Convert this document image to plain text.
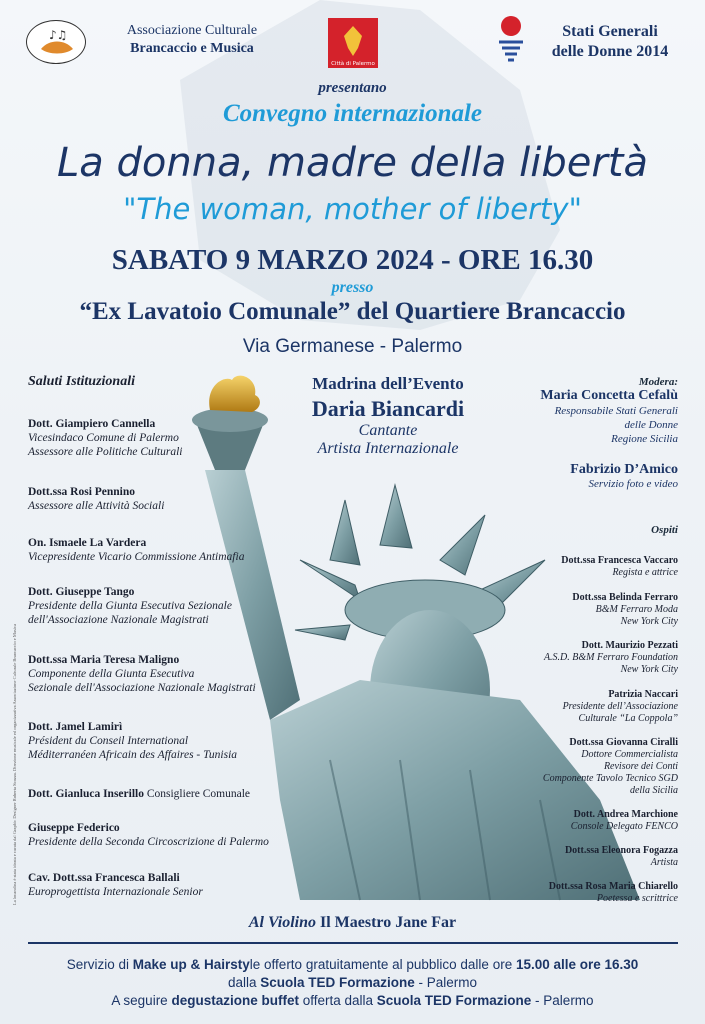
♪♫	Associazione Culturale
Brancaccio e Musica
Città di Palermo
Stati Generali
delle Donne 2014
presentano
Convegno internazionale
La donna, madre della libertà
"The woman, mother of liberty"
SABATO 9 MARZO 2024 - ORE 16.30
presso
“Ex Lavatoio Comunale” del Quartiere Brancaccio
Via Germanese - Palermo
Madrina dell’Evento
Daria Biancardi
Cantante
Artista Internazionale
Saluti Istituzionali
Dott. Giampiero Cannella
Vicesindaco Comune di Palermo
Assessore alle Politiche Culturali
Dott.ssa Rosi Pennino
Assessore alle Attività Sociali
On. Ismaele La Vardera
Vicepresidente Vicario Commissione Antimafia
Dott. Giuseppe Tango
Presidente della Giunta Esecutiva Sezionale
dell'Associazione Nazionale Magistrati
Dott.ssa Maria Teresa Maligno
Componente della Giunta Esecutiva
Sezionale dell'Associazione Nazionale Magistrati
Dott. Jamel Lamirì
Président du Conseil International
Méditerranéen Africain des Affaires - Tunisia
Dott. Gianluca Inserillo Consigliere Comunale
Giuseppe Federico
Presidente della Seconda Circoscrizione di Palermo
Cav. Dott.ssa Francesca Ballali
Europrogettista Internazionale Senior
La locandina è stata ideata e curata dal Graphic Designer Roberta Scozza. Direzione musicale ed organizzativa Associazione Culturale Brancaccio e Musica
Modera:
Maria Concetta Cefalù
Responsabile Stati Generali
delle Donne
Regione Sicilia
Fabrizio D’Amico
Servizio foto e video
Ospiti
Dott.ssa Francesca Vaccaro
Regista e attrice
Dott.ssa Belinda Ferraro
B&M Ferraro Moda
New York City
Dott. Maurizio Pezzati
A.S.D. B&M Ferraro Foundation
New York City
Patrizia Naccari
Presidente dell’Associazione
Culturale “La Coppola”
Dott.ssa Giovanna Ciralli
Dottore Commercialista
Revisore dei Conti
Componente Tavolo Tecnico SGD
della Sicilia
Dott. Andrea Marchione
Console Delegato FENCO
Dott.ssa Eleonora Fogazza
Artista
Dott.ssa Rosa Maria Chiarello
Poetessa e scrittrice
Al Violino Il Maestro Jane Far
Servizio di Make up & Hairstyle offerto gratuitamente al pubblico dalle ore 15.00 alle ore 16.30
dalla Scuola TED Formazione - Palermo
A seguire degustazione buffet offerta dalla Scuola TED Formazione - Palermo
